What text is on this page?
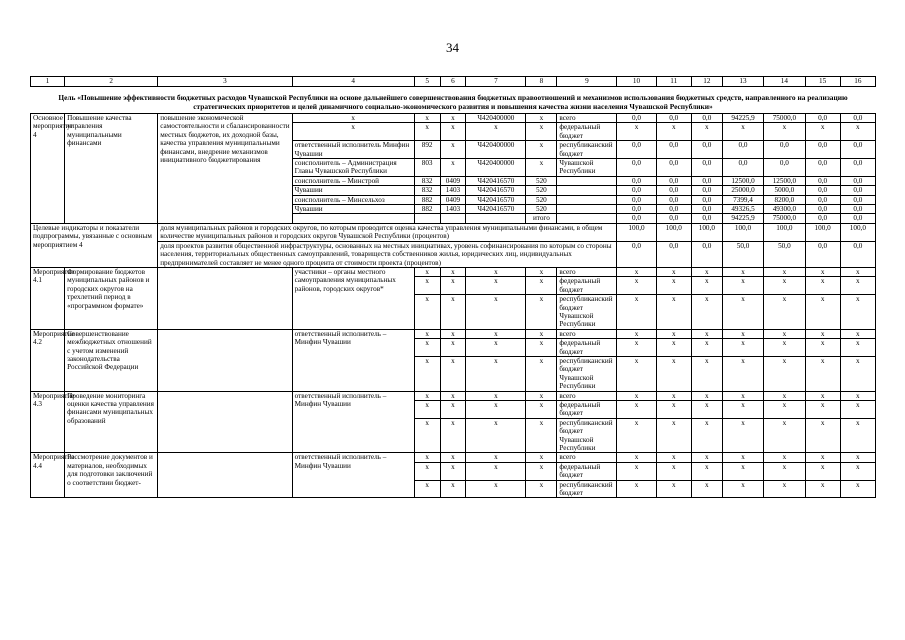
34
1	2	3	4	5	6	7	8	9	10	11	12	13	14	15	16
Цель «Повышение эффективности бюджетных расходов Чувашской Республики на основе дальнейшего совершенствования бюджетных правоотношений и механизмов использования бюджетных средств, направленного на реализацию стратегических приоритетов и целей динамичного социально-экономического развития и повышения качества жизни населения Чувашской Республики»															
Основное мероприятие 4	Повышение качества управления муниципальными финансами	повышение экономической самостоятельности и сбалансированности местных бюджетов, их доходной базы, качества управления муниципальными финансами, внедрение механизмов инициативного бюджетирования	x	x	x	Ч420400000	x	всего	0,0	0,0	0,0	94225,9	75000,0	0,0	0,0
			x	x	x	x	x	федеральный бюджет	x	x	x	x	x	x	x
			ответственный исполнитель Минфин Чувашии	892	x	Ч420400000	x	республиканский бюджет	0,0	0,0	0,0	0,0	0,0	0,0	0,0
			соисполнитель – Администрация Главы Чувашской Республики	803	x	Ч420400000	x	Чувашской Республики	0,0	0,0	0,0	0,0	0,0	0,0	0,0
			соисполнитель – Минстрой	832	0409	Ч420416570	520		0,0	0,0	0,0	12500,0	12500,0	0,0	0,0
			Чувашии	832	1403	Ч420416570	520		0,0	0,0	0,0	25000,0	5000,0	0,0	0,0
			соисполнитель – Минсельхоз	882	0409	Ч420416570	520		0,0	0,0	0,0	7399,4	8200,0	0,0	0,0
			Чувашии	882	1403	Ч420416570	520		0,0	0,0	0,0	49326,5	49300,0	0,0	0,0
							итого		0,0	0,0	0,0	94225,9	75000,0	0,0	0,0
Целевые индикаторы и показатели подпрограммы, увязанные с основным мероприятием 4		доля муниципальных районов и городских округов, по которым проводится оценка качества управления муниципальными финансами, в общем количестве муниципальных районов и городских округов Чувашской Республики (процентов)							100,0	100,0	100,0	100,0	100,0	100,0	100,0
		доля проектов развития общественной инфраструктуры, основанных на местных инициативах, уровень софинансирования по которым со стороны населения, территориальных общественных самоуправлений, товариществ собственников жилья, юридических лиц, индивидуальных предпринимателей составляет не менее одного процента от стоимости проекта (процентов)							0,0	0,0	0,0	50,0	50,0	0,0	0,0
Мероприятие 4.1	Формирование бюджетов муниципальных районов и городских округов на трехлетний период в «программном формате»		участники – органы местного самоуправления муниципальных районов, городских округов*	x	x	x	x	всего	x	x	x	x	x	x	x
				x	x	x	x	федеральный бюджет	x	x	x	x	x	x	x
				x	x	x	x	республиканский бюджет Чувашской Республики	x	x	x	x	x	x	x
Мероприятие 4.2	Совершенствование межбюджетных отношений с учетом изменений законодательства Российской Федерации		ответственный исполнитель – Минфин Чувашии	x	x	x	x	всего	x	x	x	x	x	x	x
				x	x	x	x	федеральный бюджет	x	x	x	x	x	x	x
				x	x	x	x	республиканский бюджет Чувашской Республики	x	x	x	x	x	x	x
Мероприятие 4.3	Проведение мониторинга оценки качества управления финансами муниципальных образований		ответственный исполнитель – Минфин Чувашии	x	x	x	x	всего	x	x	x	x	x	x	x
				x	x	x	x	федеральный бюджет	x	x	x	x	x	x	x
				x	x	x	x	республиканский бюджет Чувашской Республики	x	x	x	x	x	x	x
Мероприятие 4.4	Рассмотрение документов и материалов, необходимых для подготовки заключений о соответствии бюджет-		ответственный исполнитель – Минфин Чувашии	x	x	x	x	всего	x	x	x	x	x	x	x
				x	x	x	x	федеральный бюджет	x	x	x	x	x	x	x
				x	x	x	x	республиканский бюджет	x	x	x	x	x	x	x
